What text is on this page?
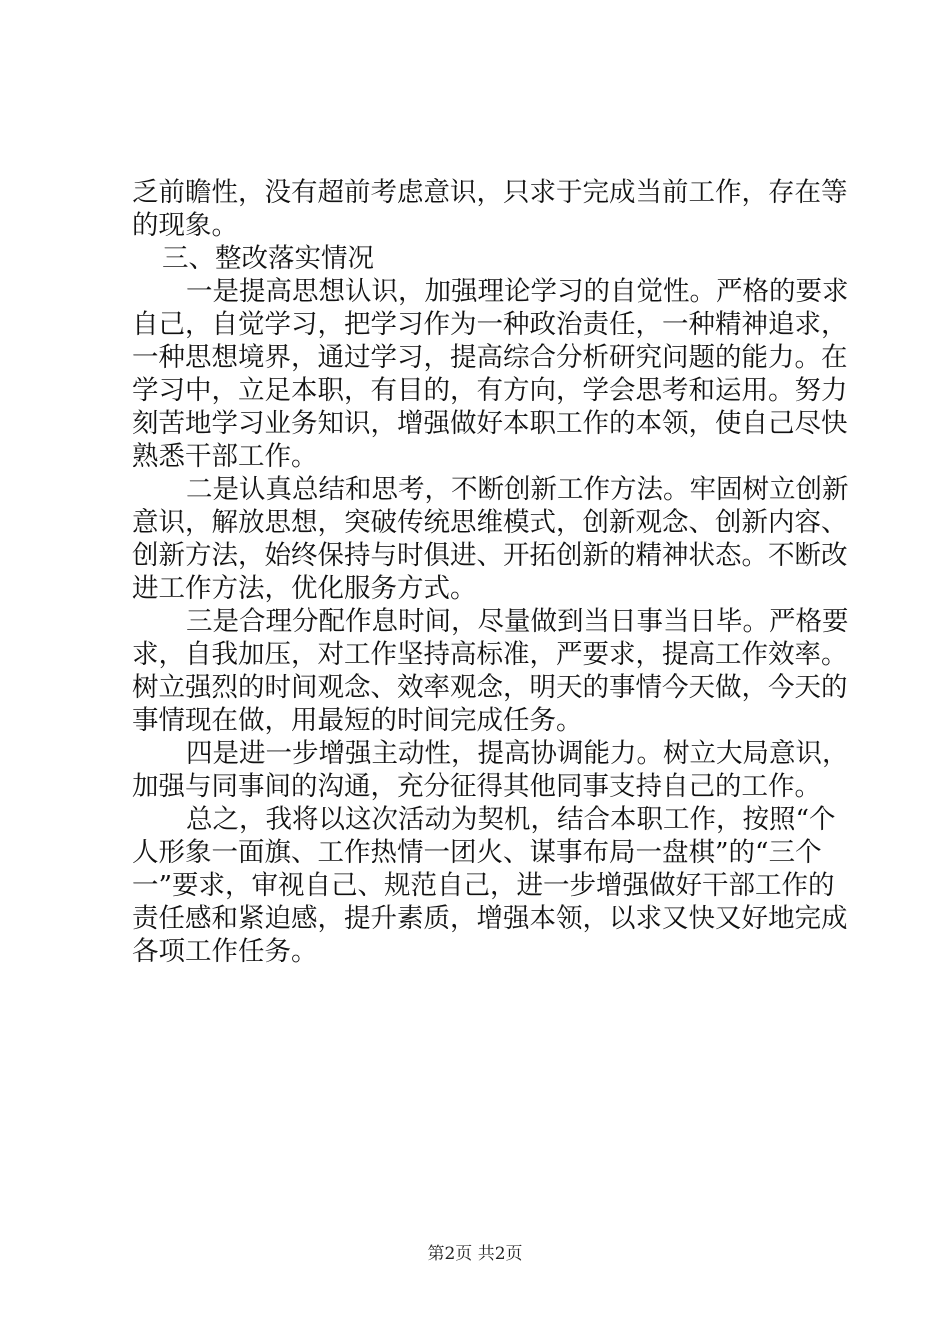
乏前瞻性，没有超前考虑意识，只求于完成当前工作，存在等
的现象。
三、整改落实情况
一是提高思想认识，加强理论学习的自觉性。严格的要求
自己，自觉学习，把学习作为一种政治责任，一种精神追求，
一种思想境界，通过学习，提高综合分析研究问题的能力。在
学习中，立足本职，有目的，有方向，学会思考和运用。努力
刻苦地学习业务知识，增强做好本职工作的本领，使自己尽快
熟悉干部工作。
二是认真总结和思考，不断创新工作方法。牢固树立创新
意识，解放思想，突破传统思维模式，创新观念、创新内容、
创新方法，始终保持与时俱进、开拓创新的精神状态。不断改
进工作方法，优化服务方式。
三是合理分配作息时间，尽量做到当日事当日毕。严格要
求，自我加压，对工作坚持高标准，严要求，提高工作效率。
树立强烈的时间观念、效率观念，明天的事情今天做，今天的
事情现在做，用最短的时间完成任务。
四是进一步增强主动性，提高协调能力。树立大局意识，
加强与同事间的沟通，充分征得其他同事支持自己的工作。
总之，我将以这次活动为契机，结合本职工作，按照“个
人形象一面旗、工作热情一团火、谋事布局一盘棋”的“三个
一”要求，审视自己、规范自己，进一步增强做好干部工作的
责任感和紧迫感，提升素质，增强本领，以求又快又好地完成
各项工作任务。
第2页 共2页
